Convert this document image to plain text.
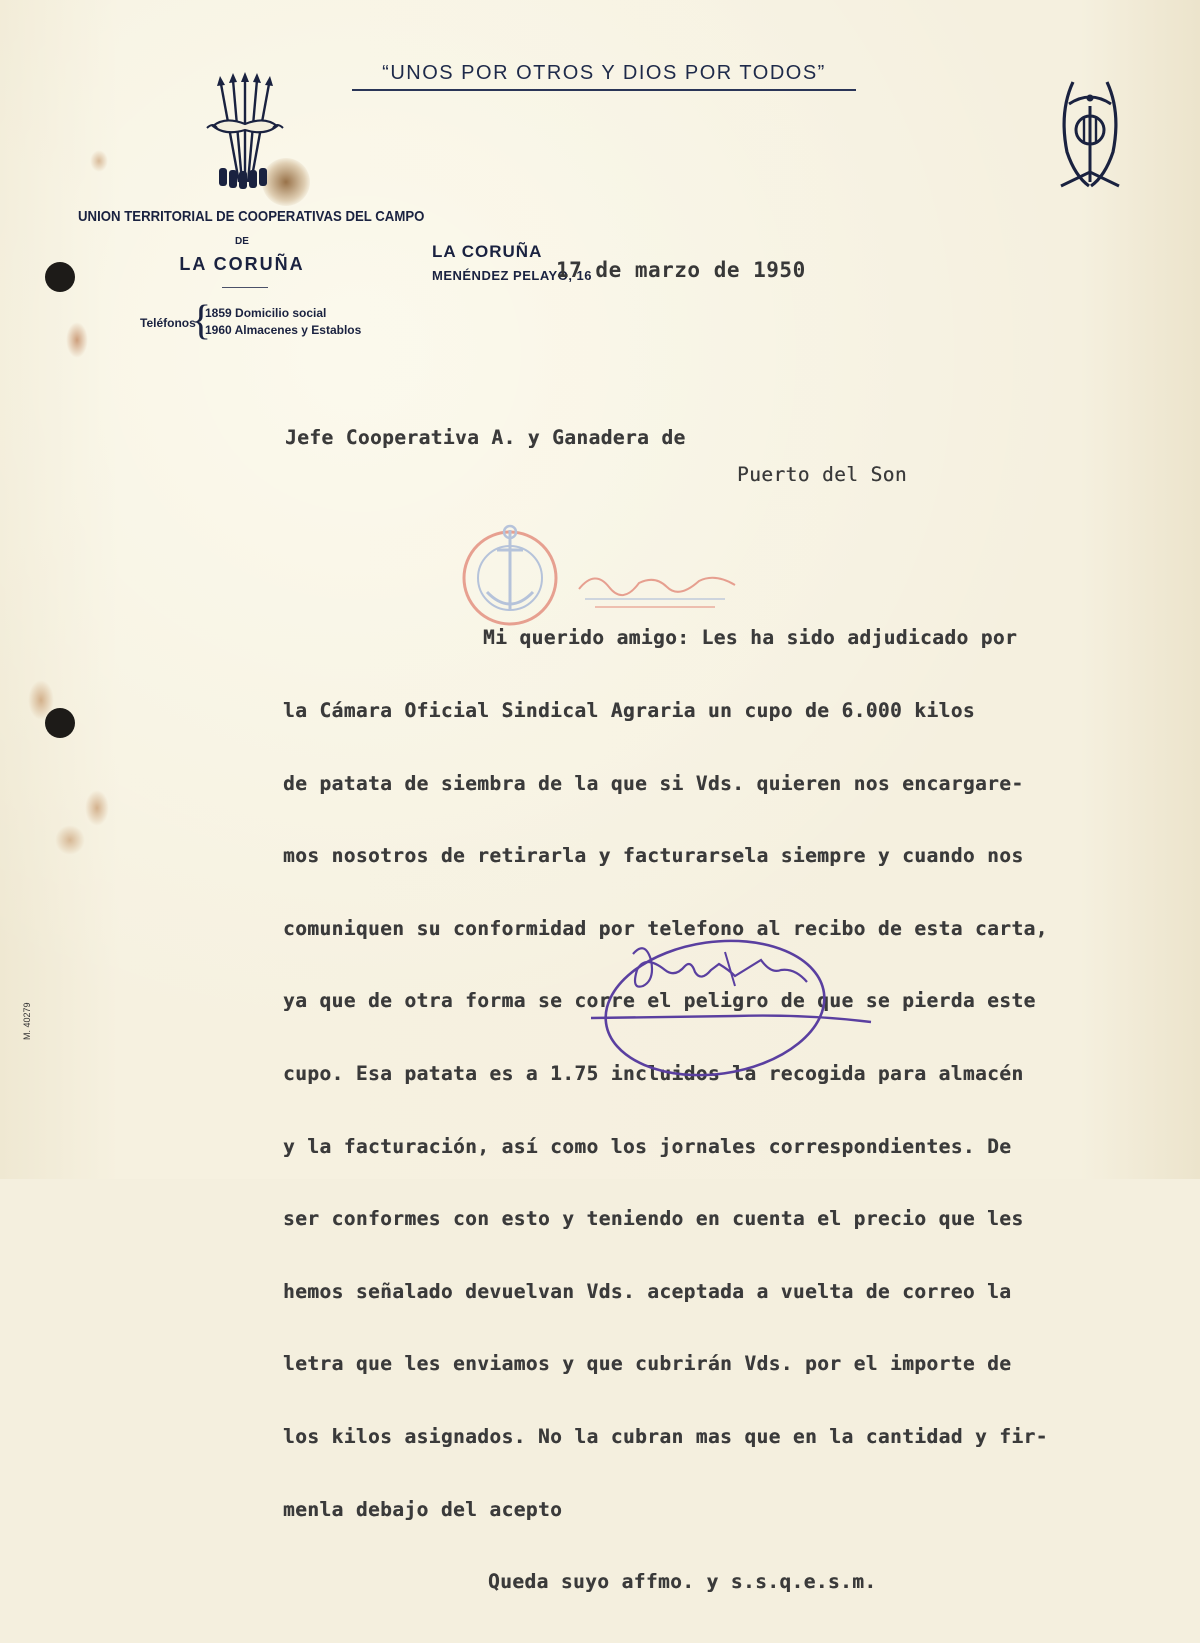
“UNOS POR OTROS Y DIOS POR TODOS”
UNION TERRITORIAL DE COOPERATIVAS DEL CAMPO
DE
LA CORUÑA
Teléfonos
{
1859 Domicilio social
1960 Almacenes y Establos
LA CORUÑA
MENÉNDEZ PELAYO, 16
17 de marzo de 1950
Jefe Cooperativa A. y Ganadera de
Puerto del Son

Mi querido amigo: Les ha sido adjudicado por

la Cámara Oficial Sindical Agraria un cupo de 6.000 kilos

de patata de siembra de la que si Vds. quieren nos encargare-

mos nosotros de retirarla y facturarsela siempre y cuando nos

comuniquen su conformidad por telefono al recibo de esta carta,

ya que de otra forma se corre el peligro de que se pierda este

cupo. Esa patata es a 1.75 incluidos la recogida para almacén

y la facturación, así como los jornales correspondientes. De

ser conformes con esto y teniendo en cuenta el precio que les

hemos señalado devuelvan Vds. aceptada a vuelta de correo la

letra que les enviamos y que cubrirán Vds. por el importe de

los kilos asignados. No la cubran mas que en la cantidad y fir-

menla debajo del acepto

Queda suyo affmo. y s.s.q.e.s.m.

M. 40279
